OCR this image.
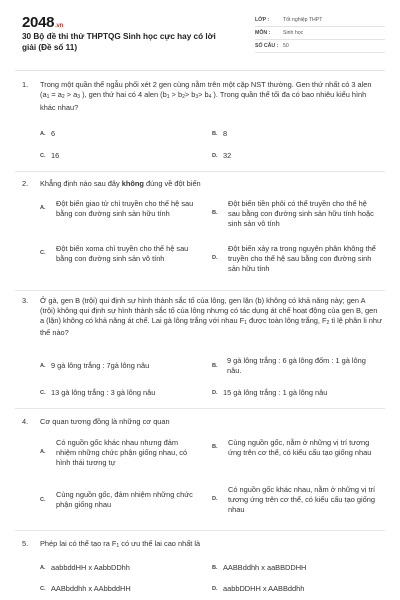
2048.vn
30 Bộ đề thi thử THPTQG Sinh học cực hay có lời giải (Đề số 11)
LỚP :	Tốt nghiệp THPT
MÔN :	Sinh học
SỐ CÂU : 50
1. Trong một quần thể ngẫu phối xét 2 gen cùng nằm trên một cặp NST thường. Gen thứ nhất có 3 alen ($a_1 = a_2 > a_3$ ), gen thứ hai có 4 alen ($b_1 > b_2> b_3> b_4$ ). Trong quần thể tối đa có bao nhiêu kiểu hình khác nhau?
A. 6	B. 8
C. 16	D. 32
2. Khẳng định nào sau đây không đúng về đột biến
A.
Đột biến giao tử chỉ truyền cho thế hệ sau bằng con đường sinh sản hữu tính	B.
Đột biến tiền phôi có thể truyền cho thế hệ sau bằng con đường sinh sản hữu tính hoặc sinh sản vô tính
C.
Đột biến xoma chỉ truyền cho thế hệ sau bằng con đường sinh sản vô tính	D.
Đột biến xảy ra trong nguyên phân không thể truyền cho thế hệ sau bằng con đường sinh sản hữu tính
3. Ở gà, gen B (trội) qui định sự hình thành sắc tố của lông, gen lặn (b) không có khả năng này; gen A (trội) không qui định sự hình thành sắc tố của lông nhưng có tác dụng át chế hoạt động của gen B, gen a (lặn) không có khả năng át chế. Lai gà lông trắng với nhau $F_1$ được toàn lông trắng, $F_2$ tỉ lệ phân li như thế nào?
A. 9 gà lông trắng : 7gà lông nâu	B.
9 gà lông trắng : 6 gà lông đốm : 1 gà lông nâu.
C. 13 gà lông trắng : 3 gà lông nâu	D. 15 gà lông trắng : 1 gà lông nâu
4. Cơ quan tương đồng là những cơ quan
A.
Có nguồn gốc khác nhau nhưng đảm nhiệm những chức phận giống nhau, có hình thái tương tự
B.
Cùng nguồn gốc, nằm ở những vị trí tương ứng trên cơ thể, có kiểu cấu tạo giống nhau
C.
Cùng nguồn gốc, đảm nhiệm những chức phận giống nhau
D.
Có nguồn gốc khác nhau, nằm ở những vị trí tương ứng trên cơ thể, có kiểu cấu tạo giống nhau
5. Phép lai có thể tạo ra $F_1$ có ưu thế lai cao nhất là
A. aabbddHH x AabbDDhh	B. AABBddhh x aaBBDDHH
C. AABbddhh x AAbbddHH	D. aabbDDHH x AABBddhh
